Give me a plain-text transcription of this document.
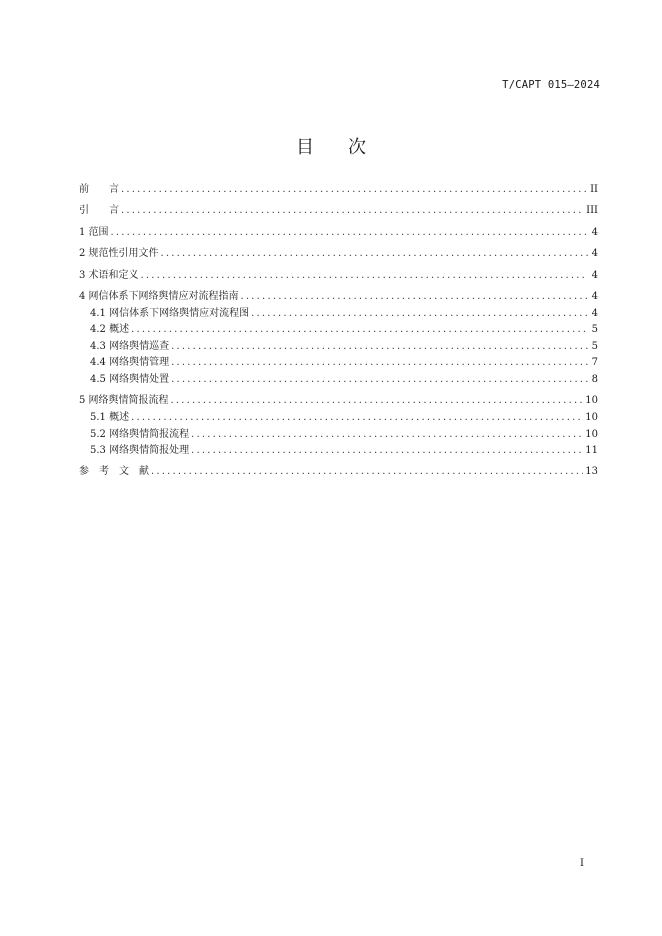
T/CAPT 015—2024
目次
前　　言 .....	II
引　　言 .....	III
1 范围 .....	4
2 规范性引用文件 .....	4
3 术语和定义 .....	4
4 网信体系下网络舆情应对流程指南 .....	4
4.1 网信体系下网络舆情应对流程图 .....	4
4.2 概述 .....	5
4.3 网络舆情巡查 .....	5
4.4 网络舆情管理 .....	7
4.5 网络舆情处置 .....	8
5 网络舆情简报流程 .....	10
5.1 概述 .....	10
5.2 网络舆情简报流程 .....	10
5.3 网络舆情简报处理 .....	11
参　考　文　献 .....	13
I
